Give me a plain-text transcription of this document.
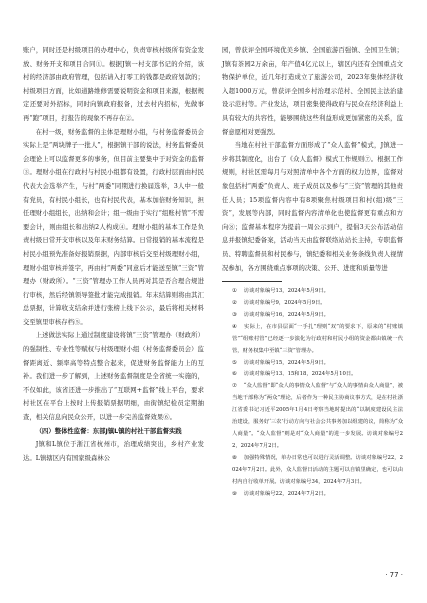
账户，同时还是村级项目的办理中心，负责审核村级所有资金发放、财务开支和项目合同①。根据J镇一村支部书记的介绍，该村的经济部由政府管理，包括请入打零工的钱都是政府划款的；村级项目方面，比如道路维修需要说明资金和项目来源，根据规定还要对外招标，同时向镇政府报备，过去村内招标，先做事再“跑”项目，打报告的现象不再存在②。

在村一级，财务监督的主体是理财小组，与村务监督委员会实际上是“两块牌子一批人”，根据镇干部的说法，村务监督委员会理论上可以监督更多的事务，但目前主要集中于对资金的监督③。理财小组在行政村与村民小组都有设置，行政村层面由村民代表大会选举产生，与村“两委”同期进行换届选举，3人中一般有党员，有村民小组长，也有村民代表，基本加倍财务知识，担任理财小组组长，出纳和会计；组一级由于实行“组账村管”不需要会计，则由组长和出纳2人构成④。理财小组的基本工作是负责村级日常开支审核以及年末财务结算。日常报销的基本流程是村民小组预先准备好报销票据，内部审核后交至村级理财小组，理财小组审核并签字，再由村“两委”同意后才能送至镇“三资”管理办（财政所）。“三资”管理办工作人员再对其是否合理合规进行审核，然后经镇领导签批才能完成报销。年末结算则将由其汇总票据，计算收支结余并进行张榜上线下公示，最后将相关材料交至镇里审核存档⑤。

上述做法实际上通过制度建设将镇“三资”管理办（财政所）的强制性、专业性等赋权与村级理财小组（村务监督委员会）监督距离近、频率高等特点整合起来，促进财务监督能力上的互补。我们进一步了解到，上述财务监督制度是全省统一实施的，不仅如此，该省还进一步推出了“互联网+监督”线上平台，要求村社区在平台上按时上传报销票据明细，由街镇纪检员定期抽查，相关信息向民众公开，以进一步完善监督效果⑥。

（四）整体性监督：东部J镇L镇的村社干部监督实践

J镇和L镇位于浙江省杭州市，治理成绩突出，乡村产业发达。L镇辖区内有国家级森林公

园，曾获评全国环境优美乡镇、全国旅游百强镇、全国卫生镇；J镇有茶园2万余亩，年产值4亿元以上，辖区内还有全国重点文物保护单位，近几年打造成立了旅游公司，2023年集体经济收入超1000万元，曾获评全国乡村治理示范村、全国民主法治建设示范村等。产业发达，项目密集使得政府与民众在经济利益上具有较大的共容性，能够围绕这些利益形成更加紧密的关系，监督意愿相对更强烈。

当地在村社干部监督方面形成了“众人监督”模式，J镇进一步将其制度化，出台了《众人监督》模式工作规则⑦。根据工作规则，村社区需每月与对照清单中各个方面的权力边界，监督对象包括村“两委”负责人、班子成员以及参与“三资”管理的其他责任人员；15项监督内容中有8项聚焦村级项目和村(组)级“三资”，发展等内部，同时监督内容清单化也使监督更有重点和方向⑧；监督基本程序为提前一周公示到户，提倡3天公布活动信息并报镇纪委备案，活动当天由监督联络站站长主持，专职监督员、特聘监督员和村民参与，镇纪委和相关业务条线负责人视情况参加，各方围绕重点事项的决策、公开、进度和质量等进

① 访谈对象编号13，2024年5月9日。
② 访谈对象编号9，2024年5月9日。
③ 访谈对象编号16，2024年5月9日。
④ 实际上，在市县层面“一手扎”理则“双”的要求下，原来的“村账镇管”“组账村管”已经逐一步演化为行政村和村民小组的资金都由镇统一代管，财务权集中至镇“三资”管理办。
⑤ 访谈对象编号15，2024年5月9日。
⑥ 访谈对象编号13、15和18，2024年5月10日。
⑦ “众人监督”即“众人的事情众人监督”与“众人的事情由众人商量”，被当地干部称为“两众”理论，后者作为一种民主协商议事方式，是在村社浙江省委书记习近平2005年1月4日考察当地时提出的“以制度建设民主法治建设，服务好‘三农’行动方向与社会公共事务加以组建的议，简称为“众人商量”。“众人监督”则是对“众人商量”的进一步发展。访谈对象编号22，2024年7月2日。
⑧ 加强特殊情况，单办日常也可以进行灵活调整。访谈对象编号22，2024年7月2日。此外，众人监督日活动的主题可以自镇里确定，也可以由村内自行收单开展。访谈对象编号34，2024年7月3日。
⑨ 访谈对象编号22，2024年7月2日。
· 77 ·
